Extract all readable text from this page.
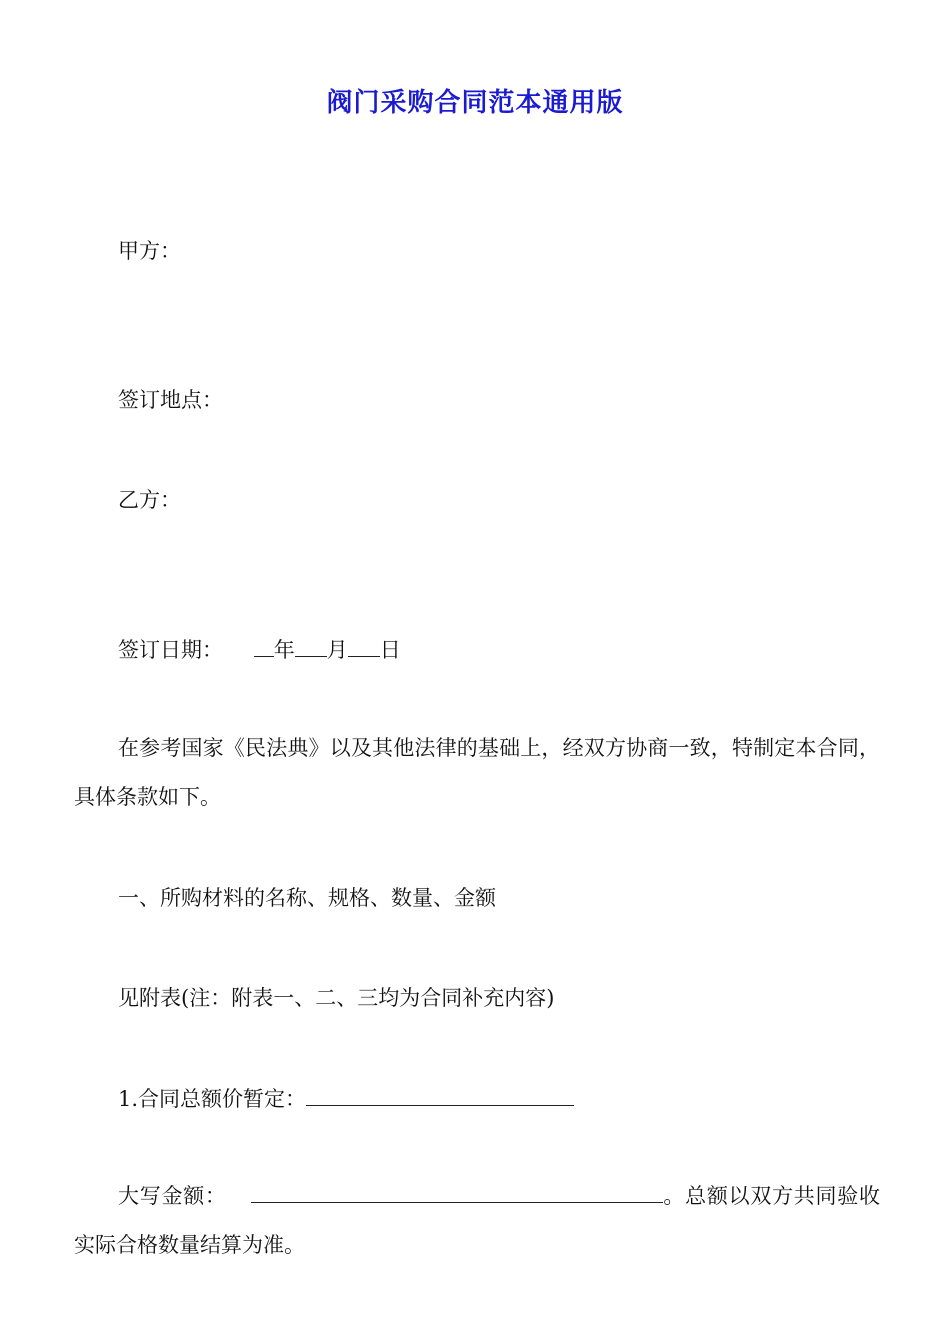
阀门采购合同范本通用版
甲方：
签订地点：
乙方：
签订日期： 年 月 日
在参考国家《民法典》以及其他法律的基础上，经双方协商一致，特制定本合同，具体条款如下。
一、所购材料的名称、规格、数量、金额
见附表(注：附表一、二、三均为合同补充内容)
1.合同总额价暂定：
大写金额：	。总额以双方共同验收实际合格数量结算为准。
